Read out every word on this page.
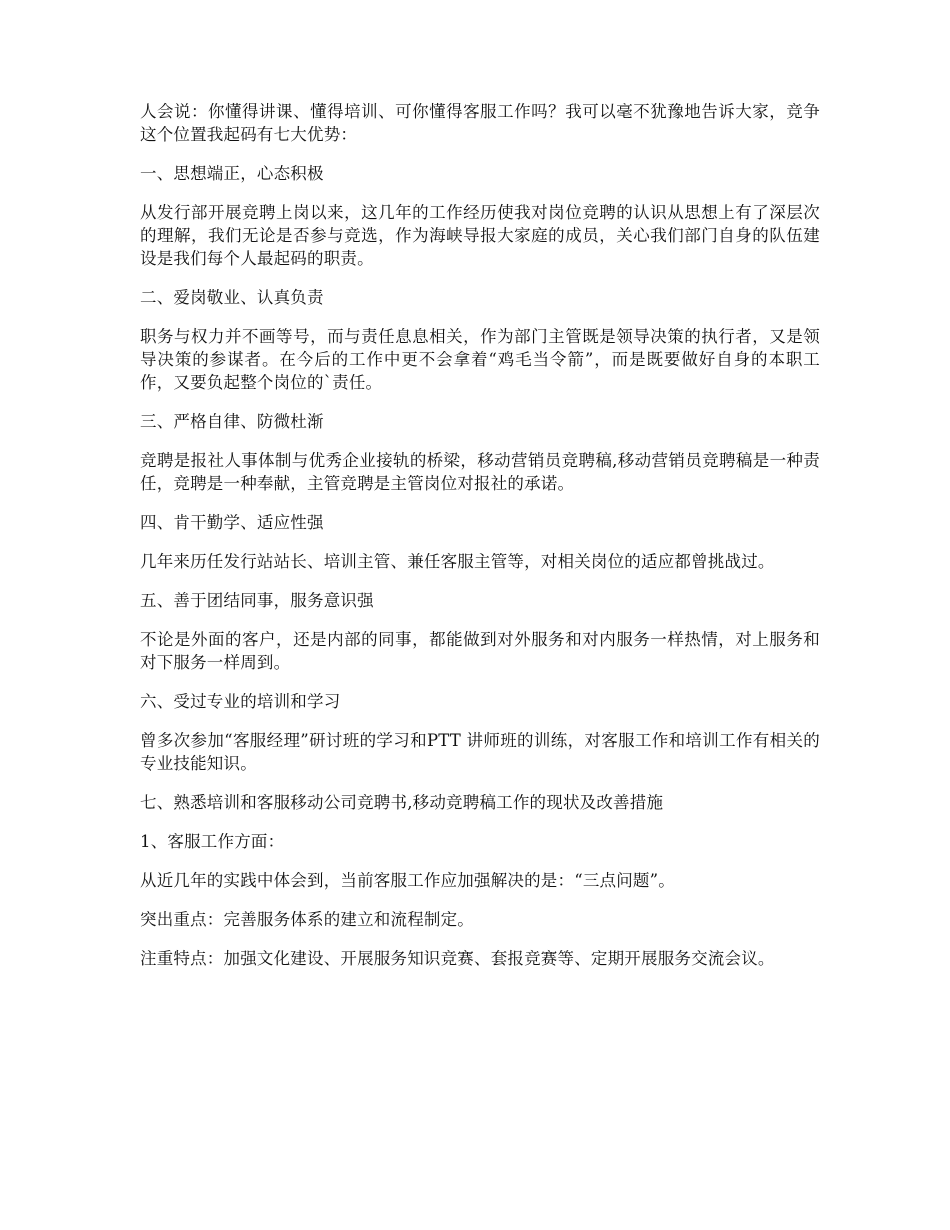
人会说：你懂得讲课、懂得培训、可你懂得客服工作吗？我可以毫不犹豫地告诉大家，竞争这个位置我起码有七大优势：

一、思想端正，心态积极

从发行部开展竞聘上岗以来，这几年的工作经历使我对岗位竞聘的认识从思想上有了深层次的理解，我们无论是否参与竞选，作为海峡导报大家庭的成员，关心我们部门自身的队伍建设是我们每个人最起码的职责。

二、爱岗敬业、认真负责

职务与权力并不画等号，而与责任息息相关，作为部门主管既是领导决策的执行者，又是领导决策的参谋者。在今后的工作中更不会拿着“鸡毛当令箭”，而是既要做好自身的本职工作，又要负起整个岗位的`责任。

三、严格自律、防微杜渐

竞聘是报社人事体制与优秀企业接轨的桥梁，移动营销员竞聘稿,移动营销员竞聘稿是一种责任，竞聘是一种奉献，主管竞聘是主管岗位对报社的承诺。

四、肯干勤学、适应性强

几年来历任发行站站长、培训主管、兼任客服主管等，对相关岗位的适应都曾挑战过。

五、善于团结同事，服务意识强

不论是外面的客户，还是内部的同事，都能做到对外服务和对内服务一样热情，对上服务和对下服务一样周到。

六、受过专业的培训和学习

曾多次参加“客服经理”研讨班的学习和PTT 讲师班的训练，对客服工作和培训工作有相关的专业技能知识。

七、熟悉培训和客服移动公司竞聘书,移动竞聘稿工作的现状及改善措施

1、客服工作方面：

从近几年的实践中体会到，当前客服工作应加强解决的是：“三点问题”。

突出重点：完善服务体系的建立和流程制定。

注重特点：加强文化建设、开展服务知识竞赛、套报竞赛等、定期开展服务交流会议。
